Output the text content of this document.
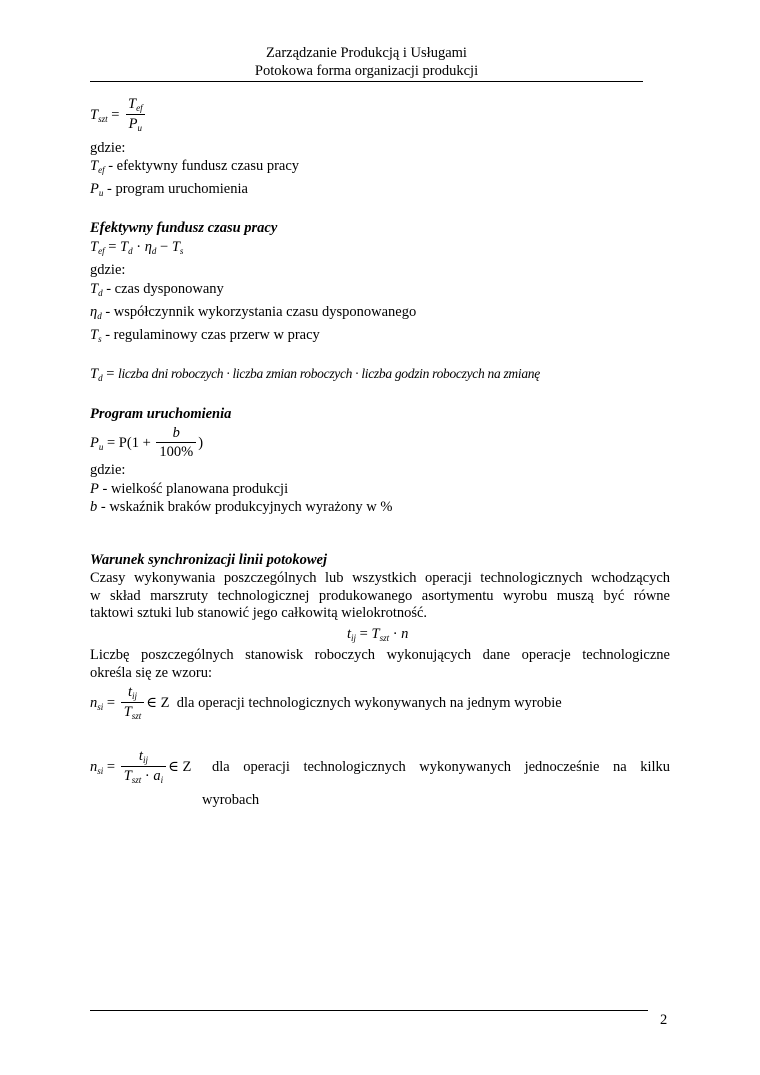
Zarządzanie Produkcją i Usługami
Potokowa forma organizacji produkcji
$T_{szt} = \frac{T_{ef}}{P_u}$
gdzie:
$T_{ef}$ - efektywny fundusz czasu pracy
$P_u$ - program uruchomienia
Efektywny fundusz czasu pracy
$T_{ef} = T_d \cdot \eta_d - T_s$
gdzie:
$T_d$ - czas dysponowany
$\eta_d$ - współczynnik wykorzystania czasu dysponowanego
$T_s$ - regulaminowy czas przerw w pracy
$T_d$ = liczba dni roboczych · liczba zmian roboczych · liczba godzin roboczych na zmianę
Program uruchomienia
$P_u = P(1 + \frac{b}{100\%}$ )
gdzie:
P - wielkość planowana produkcji
b - wskaźnik braków produkcyjnych wyrażony w %
Warunek synchronizacji linii potokowej
Czasy wykonywania poszczególnych lub wszystkich operacji technologicznych wchodzących
w skład marszruty technologicznej produkowanego asortymentu wyrobu muszą być równe
taktowi sztuki lub stanowić jego całkowitą wielokrotność.
$t_{ij} = T_{szt} \cdot n$
Liczbę poszczególnych stanowisk roboczych wykonujących dane operacje technologiczne
określa się ze wzoru:
$n_{si} = \frac{t_{ij}}{T_{szt}}$ ∈ Z dla operacji technologicznych wykonywanych na jednym wyrobie
$n_{si} = \frac{t_{ij}}{T_{szt} \cdot a_i}$ ∈ Z	dla operacji technologicznych wykonywanych jednocześnie na kilku
wyrobach
2
